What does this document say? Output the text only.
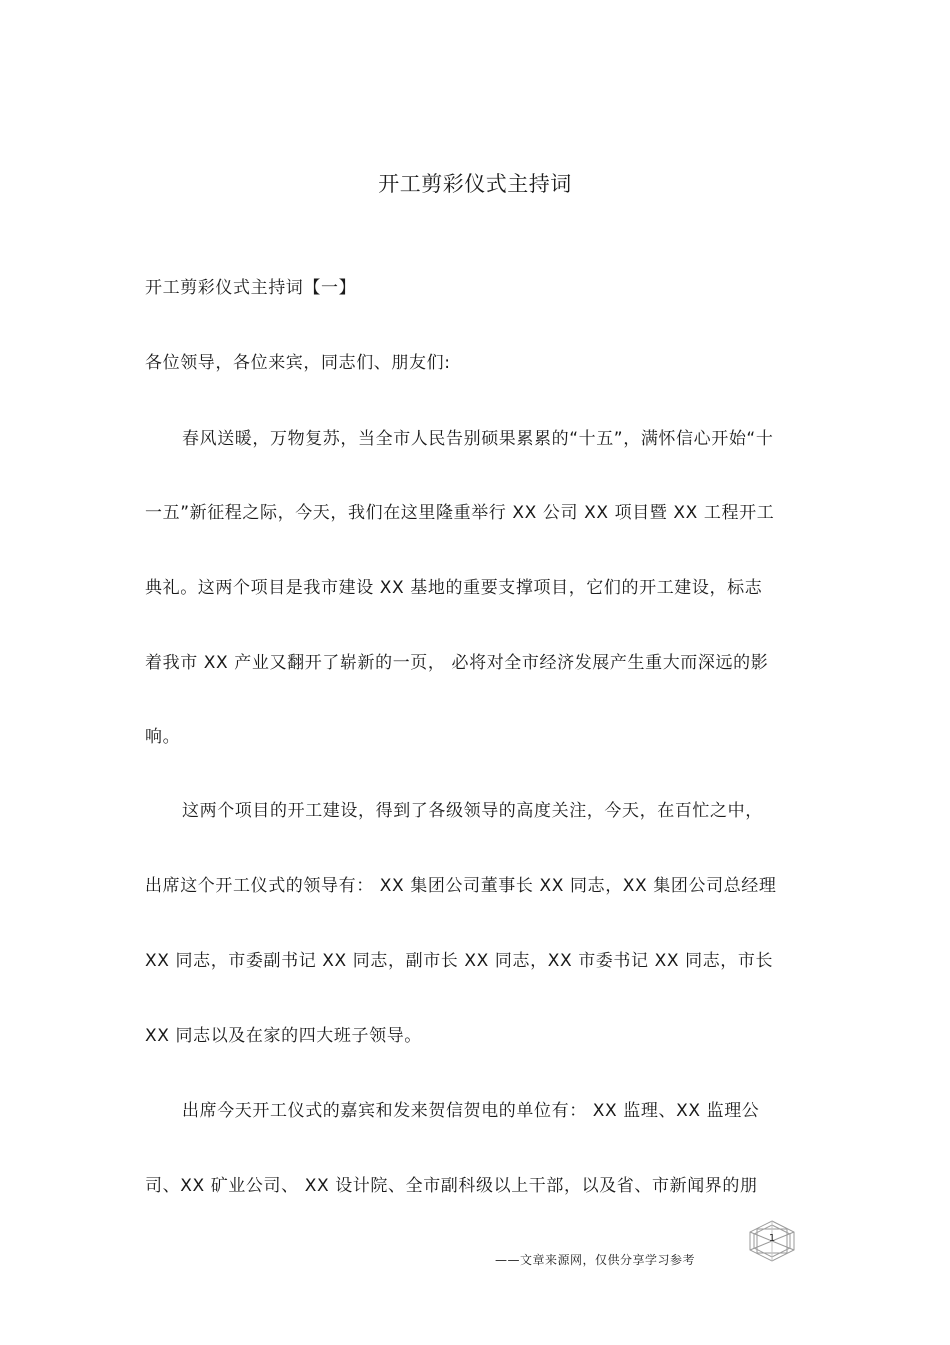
开工剪彩仪式主持词
开工剪彩仪式主持词【一】
各位领导，各位来宾，同志们、朋友们:
春风送暖，万物复苏，当全市人民告别硕果累累的“十五”，满怀信心开始“十
一五”新征程之际，今天，我们在这里隆重举行 XX 公司 XX 项目暨 XX 工程开工
典礼。这两个项目是我市建设 XX 基地的重要支撑项目，它们的开工建设，标志
着我市 XX 产业又翻开了崭新的一页， 必将对全市经济发展产生重大而深远的影
响。
这两个项目的开工建设，得到了各级领导的高度关注，今天，在百忙之中，
出席这个开工仪式的领导有： XX 集团公司董事长 XX 同志，XX 集团公司总经理
XX 同志，市委副书记 XX 同志，副市长 XX 同志，XX 市委书记 XX 同志，市长
XX 同志以及在家的四大班子领导。
出席今天开工仪式的嘉宾和发来贺信贺电的单位有： XX 监理、XX 监理公
司、XX 矿业公司、 XX 设计院、全市副科级以上干部，以及省、市新闻界的朋
1
——文章来源网，仅供分享学习参考
